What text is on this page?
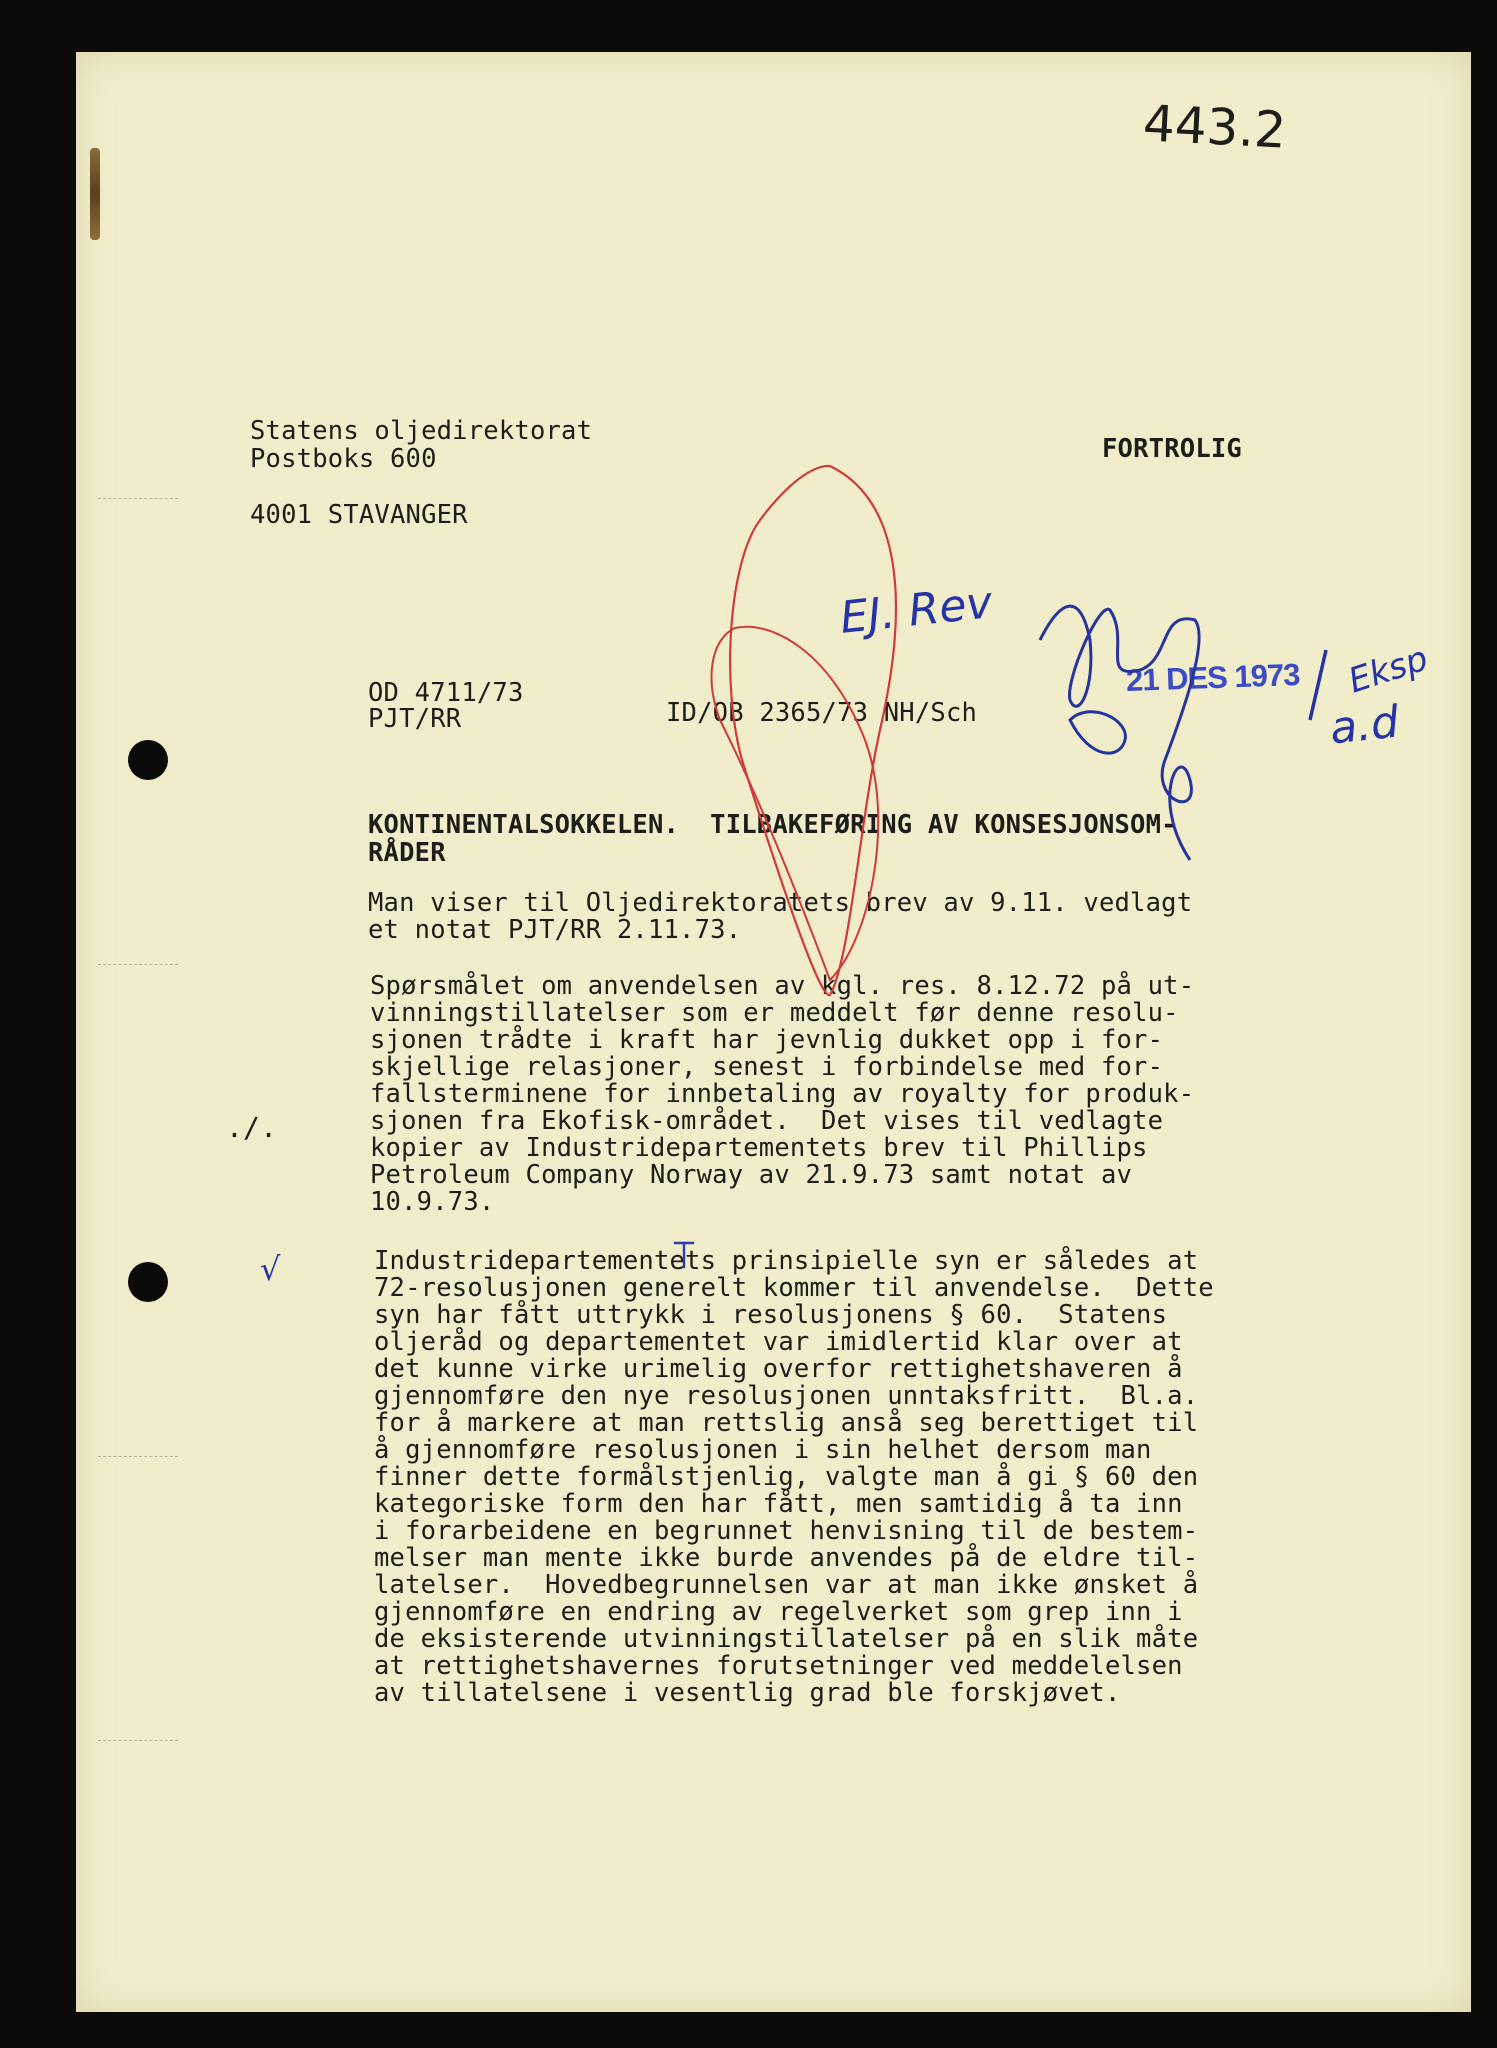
443.2
Statens oljedirektorat
Postboks 600
4001 STAVANGER
FORTROLIG
OD 4711/73
PJT/RR	ID/OB 2365/73 NH/Sch
EJ. Rev
21 DES 1973 Eksp
a.d
KONTINENTALSOKKELEN.  TILBAKEFØRING AV KONSESJONSOM-
RÅDER
Man viser til Oljedirektoratets brev av 9.11. vedlagt
et notat PJT/RR 2.11.73.
Spørsmålet om anvendelsen av kgl. res. 8.12.72 på ut-
vinningstillatelser som er meddelt før denne resolu-
sjonen trådte i kraft har jevnlig dukket opp i for-
skjellige relasjoner, senest i forbindelse med for-
fallsterminene for innbetaling av royalty for produk-
sjonen fra Ekofisk-området.  Det vises til vedlagte
kopier av Industridepartementets brev til Phillips
Petroleum Company Norway av 21.9.73 samt notat av
10.9.73.
./.
√	Industridepartementets prinsipielle syn er således at
72-resolusjonen generelt kommer til anvendelse.  Dette
syn har fått uttrykk i resolusjonens § 60.  Statens
oljeråd og departementet var imidlertid klar over at
det kunne virke urimelig overfor rettighetshaveren å
gjennomføre den nye resolusjonen unntaksfritt.  Bl.a.
for å markere at man rettslig anså seg berettiget til
å gjennomføre resolusjonen i sin helhet dersom man
finner dette formålstjenlig, valgte man å gi § 60 den
kategoriske form den har fått, men samtidig å ta inn
i forarbeidene en begrunnet henvisning til de bestem-
melser man mente ikke burde anvendes på de eldre til-
latelser.  Hovedbegrunnelsen var at man ikke ønsket å
gjennomføre en endring av regelverket som grep inn i
de eksisterende utvinningstillatelser på en slik måte
at rettighetshavernes forutsetninger ved meddelelsen
av tillatelsene i vesentlig grad ble forskjøvet.
